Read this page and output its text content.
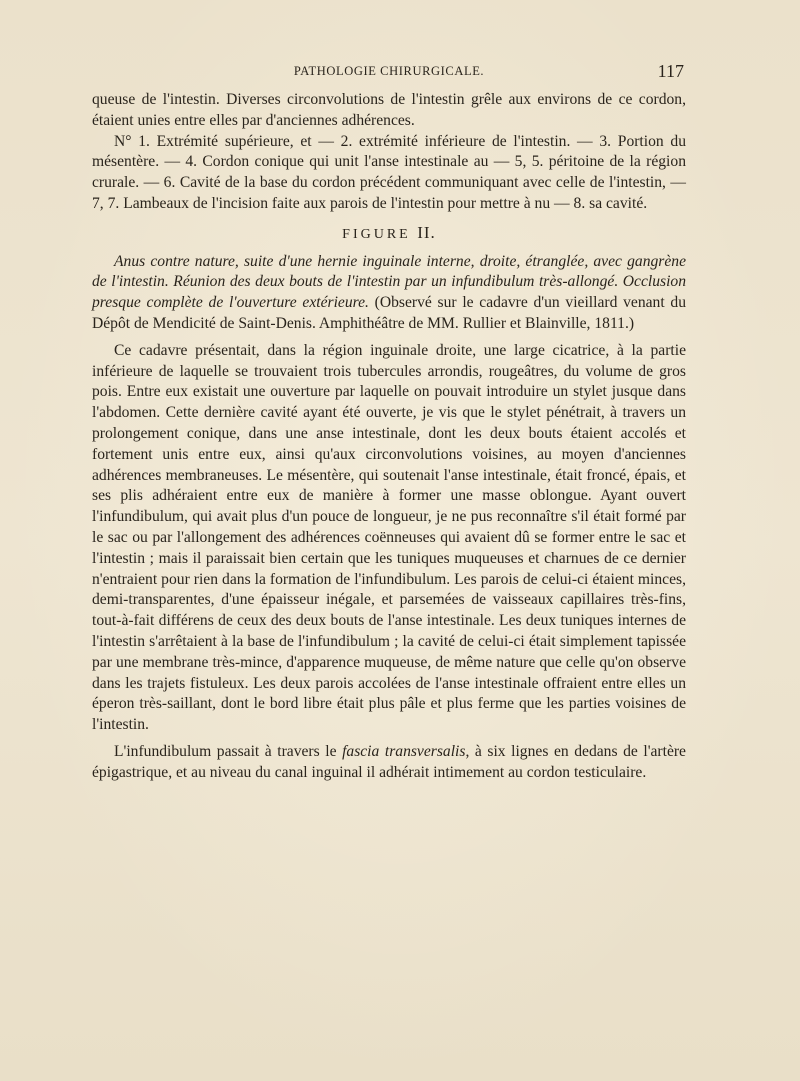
PATHOLOGIE CHIRURGICALE.	117

queuse de l'intestin. Diverses circonvolutions de l'intestin grêle aux environs de ce cordon, étaient unies entre elles par d'anciennes adhérences.

N° 1. Extrémité supérieure, et — 2. extrémité inférieure de l'intestin. — 3. Portion du mésentère. — 4. Cordon conique qui unit l'anse intestinale au — 5, 5. péritoine de la région crurale. — 6. Cavité de la base du cordon précédent communiquant avec celle de l'intestin, — 7, 7. Lambeaux de l'incision faite aux parois de l'intestin pour mettre à nu — 8. sa cavité.

FIGURE II.

Anus contre nature, suite d'une hernie inguinale interne, droite, étranglée, avec gangrène de l'intestin. Réunion des deux bouts de l'intestin par un infundibulum très-allongé. Occlusion presque complète de l'ouverture extérieure. (Observé sur le cadavre d'un vieillard venant du Dépôt de Mendicité de Saint-Denis. Amphithéâtre de MM. Rullier et Blainville, 1811.)

Ce cadavre présentait, dans la région inguinale droite, une large cicatrice, à la partie inférieure de laquelle se trouvaient trois tubercules arrondis, rougeâtres, du volume de gros pois. Entre eux existait une ouverture par laquelle on pouvait introduire un stylet jusque dans l'abdomen. Cette dernière cavité ayant été ouverte, je vis que le stylet pénétrait, à travers un prolongement conique, dans une anse intestinale, dont les deux bouts étaient accolés et fortement unis entre eux, ainsi qu'aux circonvolutions voisines, au moyen d'anciennes adhérences membraneuses. Le mésentère, qui soutenait l'anse intestinale, était froncé, épais, et ses plis adhéraient entre eux de manière à former une masse oblongue. Ayant ouvert l'infundibulum, qui avait plus d'un pouce de longueur, je ne pus reconnaître s'il était formé par le sac ou par l'allongement des adhérences coënneuses qui avaient dû se former entre le sac et l'intestin ; mais il paraissait bien certain que les tuniques muqueuses et charnues de ce dernier n'entraient pour rien dans la formation de l'infundibulum. Les parois de celui-ci étaient minces, demi-transparentes, d'une épaisseur inégale, et parsemées de vaisseaux capillaires très-fins, tout-à-fait différens de ceux des deux bouts de l'anse intestinale. Les deux tuniques internes de l'intestin s'arrêtaient à la base de l'infundibulum ; la cavité de celui-ci était simplement tapissée par une membrane très-mince, d'apparence muqueuse, de même nature que celle qu'on observe dans les trajets fistuleux. Les deux parois accolées de l'anse intestinale offraient entre elles un éperon très-saillant, dont le bord libre était plus pâle et plus ferme que les parties voisines de l'intestin.

L'infundibulum passait à travers le fascia transversalis, à six lignes en dedans de l'artère épigastrique, et au niveau du canal inguinal il adhérait intimement au cordon testiculaire.
